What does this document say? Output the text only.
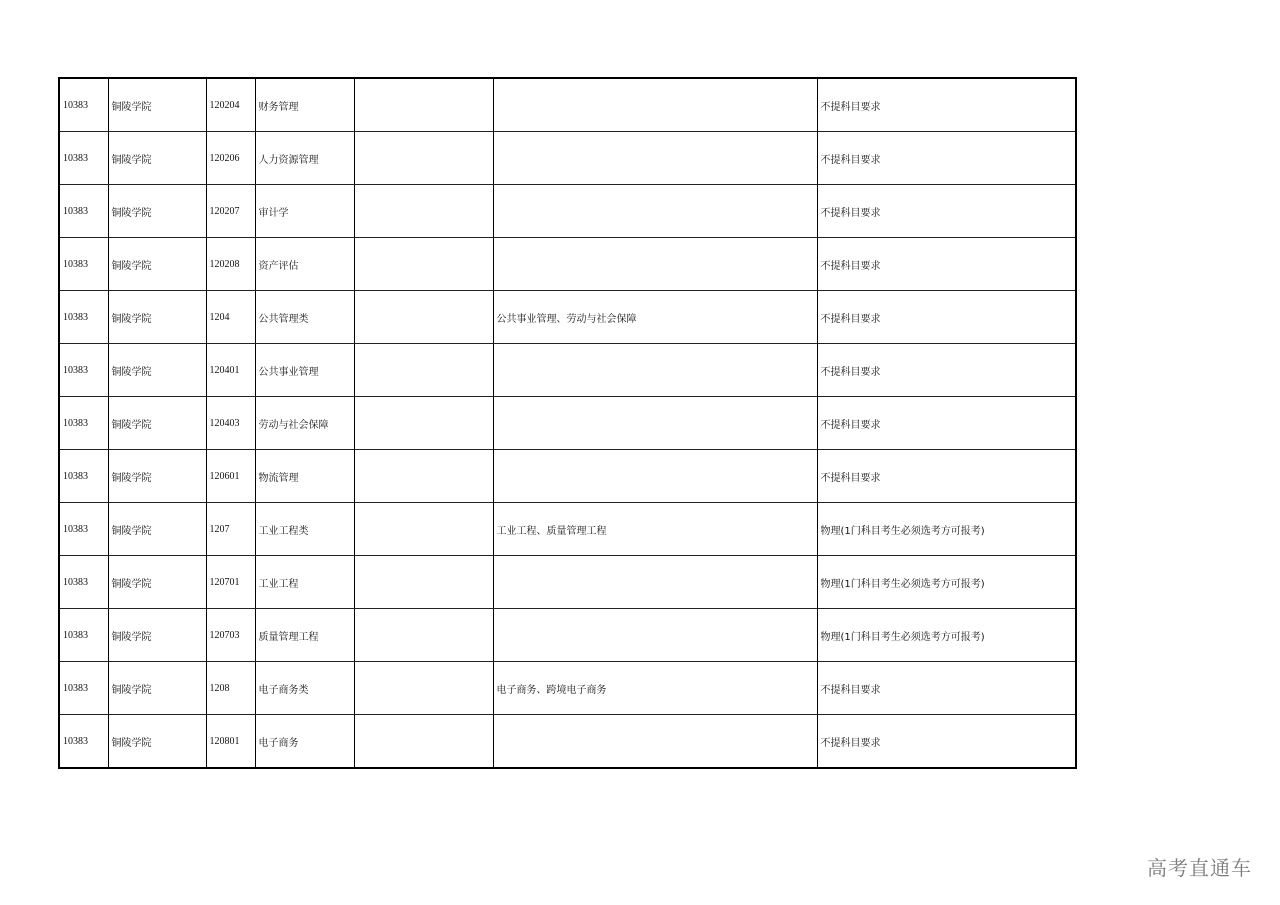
10383	铜陵学院	120204	财务管理			不提科目要求
10383	铜陵学院	120206	人力资源管理			不提科目要求
10383	铜陵学院	120207	审计学			不提科目要求
10383	铜陵学院	120208	资产评估			不提科目要求
10383	铜陵学院	1204	公共管理类		公共事业管理、劳动与社会保障	不提科目要求
10383	铜陵学院	120401	公共事业管理			不提科目要求
10383	铜陵学院	120403	劳动与社会保障			不提科目要求
10383	铜陵学院	120601	物流管理			不提科目要求
10383	铜陵学院	1207	工业工程类		工业工程、质量管理工程	物理(1门科目考生必须选考方可报考)
10383	铜陵学院	120701	工业工程			物理(1门科目考生必须选考方可报考)
10383	铜陵学院	120703	质量管理工程			物理(1门科目考生必须选考方可报考)
10383	铜陵学院	1208	电子商务类		电子商务、跨境电子商务	不提科目要求
10383	铜陵学院	120801	电子商务			不提科目要求
高考直通车
